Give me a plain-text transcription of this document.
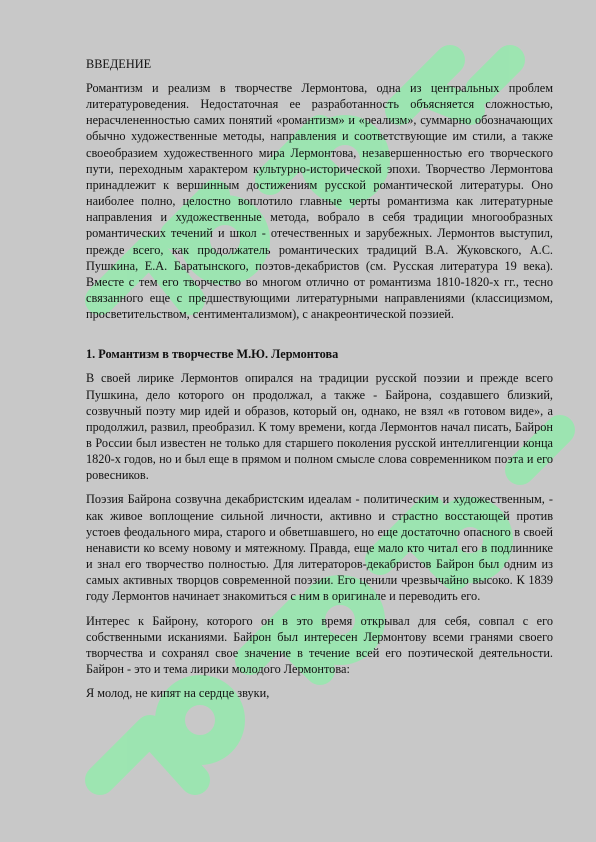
ВВЕДЕНИЕ

Романтизм и реализм в творчестве Лермонтова, одна из центральных проблем литературоведения. Недостаточная ее разработанность объясняется сложностью, нерасчлененностью самих понятий «романтизм» и «реализм», суммарно обозначающих обычно художественные методы, направления и соответствующие им стили, а также своеобразием художественного мира Лермонтова, незавершенностью его творческого пути, переходным характером культурно-исторической эпохи. Творчество Лермонтова принадлежит к вершинным достижениям русской романтической литературы. Оно наиболее полно, целостно воплотило главные черты романтизма как литературные направления и художественные метода, вобрало в себя традиции многообразных романтических течений и школ - отечественных и зарубежных. Лермонтов выступил, прежде всего, как продолжатель романтических традиций В.А. Жуковского, А.С. Пушкина, Е.А. Баратынского, поэтов-декабристов (см. Русская литература 19 века). Вместе с тем его творчество во многом отлично от романтизма 1810-1820-х гг., тесно связанного еще с предшествующими литературными направлениями (классицизмом, просветительством, сентиментализмом), с анакреонтической поэзией.

1. Романтизм в творчестве М.Ю. Лермонтова

В своей лирике Лермонтов опирался на традиции русской поэзии и прежде всего Пушкина, дело которого он продолжал, а также - Байрона, создавшего близкий, созвучный поэту мир идей и образов, который он, однако, не взял «в готовом виде», а продолжил, развил, преобразил. К тому времени, когда Лермонтов начал писать, Байрон в России был известен не только для старшего поколения русской интеллигенции конца 1820-х годов, но и был еще в прямом и полном смысле слова современником поэта и его ровесников.

Поэзия Байрона созвучна декабристским идеалам - политическим и художественным, - как живое воплощение сильной личности, активно и страстно восстающей против устоев феодального мира, старого и обветшавшего, но еще достаточно опасного в своей ненависти ко всему новому и мятежному. Правда, еще мало кто читал его в подлиннике и знал его творчество полностью. Для литераторов-декабристов Байрон был одним из самых активных творцов современной поэзии. Его ценили чрезвычайно высоко. К 1839 году Лермонтов начинает знакомиться с ним в оригинале и переводить его.

Интерес к Байрону, которого он в это время открывал для себя, совпал с его собственными исканиями. Байрон был интересен Лермонтову всеми гранями своего творчества и сохранял свое значение в течение всей его поэтической деятельности. Байрон - это и тема лирики молодого Лермонтова:

Я молод, не кипят на сердце звуки,
